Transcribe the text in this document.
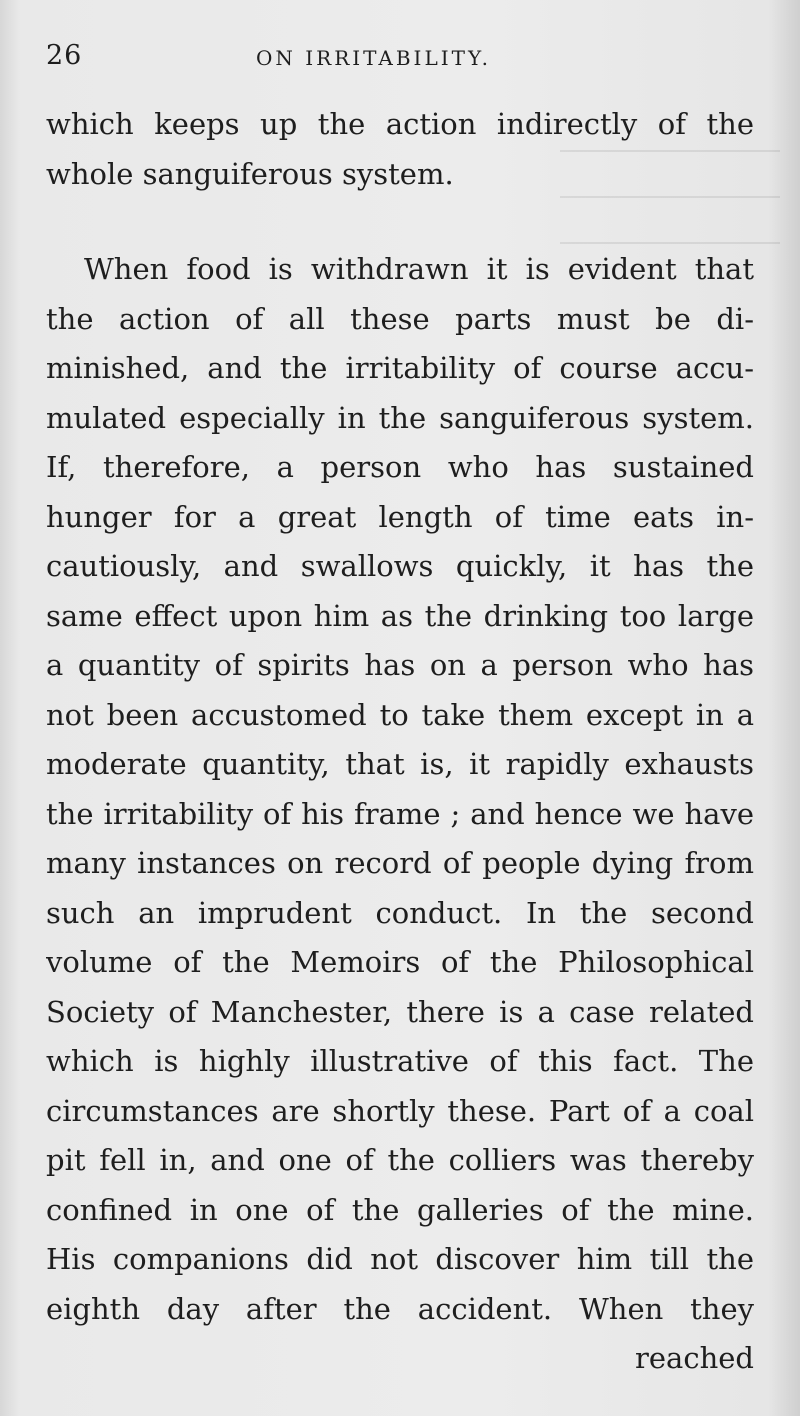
26	ON IRRITABILITY.
which keeps up the action indirectly of the
whole sanguiferous system.
When food is withdrawn it is evident that
the action of all these parts must be di-
minished, and the irritability of course accu-
mulated especially in the sanguiferous system.
If, therefore, a person who has sustained
hunger for a great length of time eats in-
cautiously, and swallows quickly, it has the
same effect upon him as the drinking too large
a quantity of spirits has on a person who has
not been accustomed to take them except in a
moderate quantity, that is, it rapidly exhausts
the irritability of his frame ; and hence we have
many instances on record of people dying from
such an imprudent conduct. In the second
volume of the Memoirs of the Philosophical
Society of Manchester, there is a case related
which is highly illustrative of this fact. The
circumstances are shortly these. Part of a coal
pit fell in, and one of the colliers was thereby
confined in one of the galleries of the mine.
His companions did not discover him till the
eighth day after the accident. When they
reached
